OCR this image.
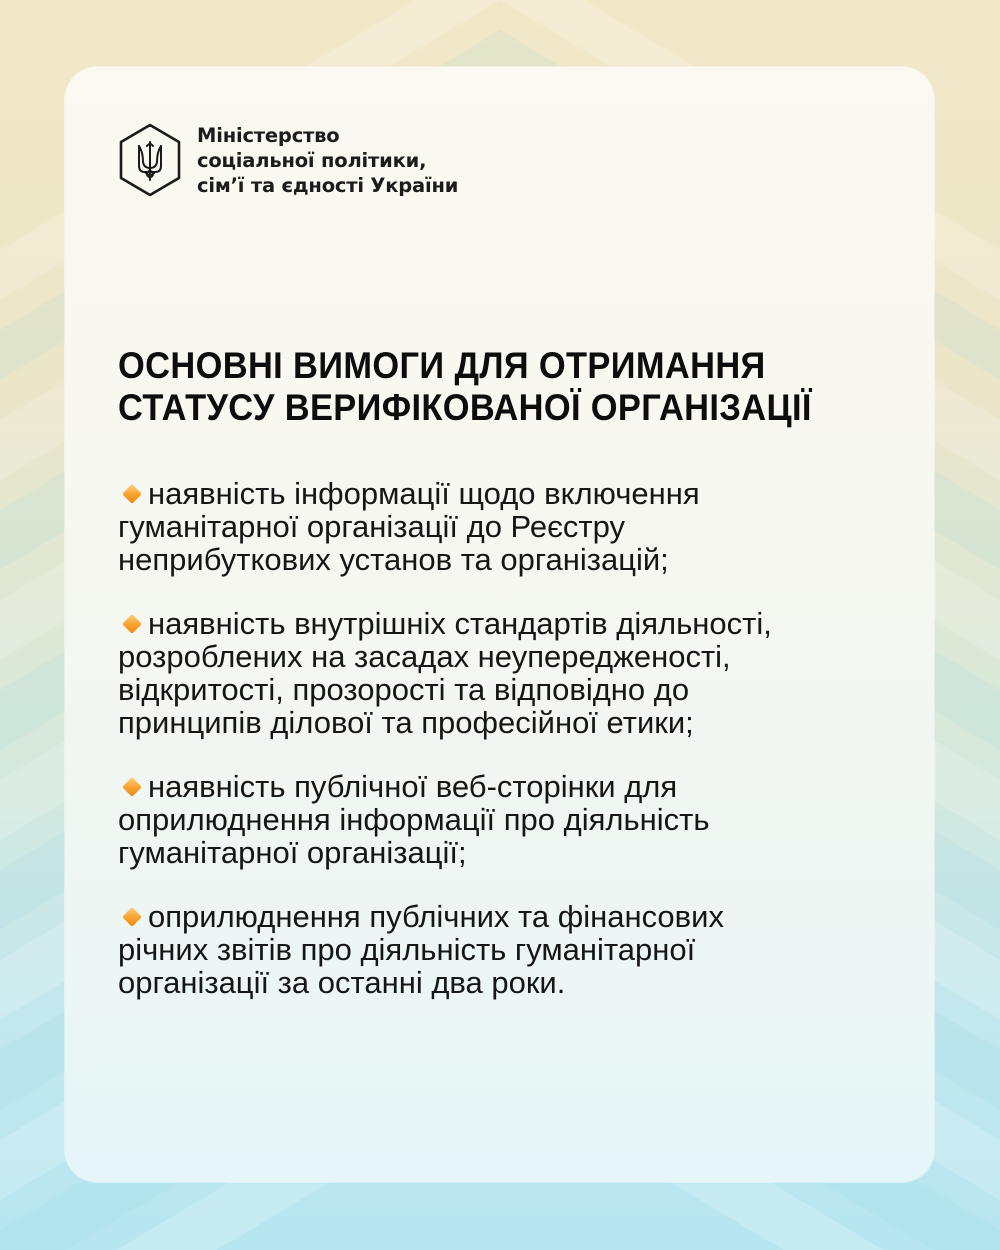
Міністерство
соціальної політики,
сім’ї та єдності України
ОСНОВНІ ВИМОГИ ДЛЯ ОТРИМАННЯ
СТАТУСУ ВЕРИФІКОВАНОЇ ОРГАНІЗАЦІЇ
наявність інформації щодо включення
гуманітарної організації до Реєстру
неприбуткових установ та організацій;
наявність внутрішніх стандартів діяльності,
розроблених на засадах неупередженості,
відкритості, прозорості та відповідно до
принципів ділової та професійної етики;
наявність публічної веб-сторінки для
оприлюднення інформації про діяльність
гуманітарної організації;
оприлюднення публічних та фінансових
річних звітів про діяльність гуманітарної
організації за останні два роки.
